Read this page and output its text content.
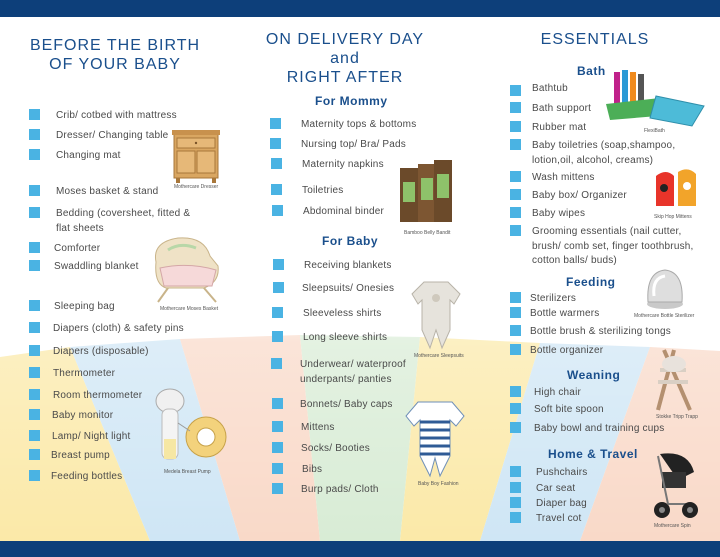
BEFORE THE BIRTH
OF YOUR BABY
Crib/ cotbed with mattress
Dresser/ Changing table
Changing mat
Moses basket & stand
Bedding (coversheet, fitted &
flat sheets
Comforter
Swaddling blanket
Sleeping bag
Diapers (cloth) & safety pins
Diapers (disposable)
Thermometer
Room thermometer
Baby monitor
Lamp/ Night light
Breast pump
Feeding bottles
ON DELIVERY DAY
and
RIGHT AFTER
For Mommy
For Baby
Maternity tops & bottoms
Nursing top/ Bra/ Pads
Maternity napkins
Toiletries
Abdominal binder
Receiving blankets
Sleepsuits/ Onesies
Sleeveless shirts
Long sleeve shirts
Underwear/ waterproof
underpants/ panties
Bonnets/ Baby caps
Mittens
Socks/ Booties
Bibs
Burp pads/ Cloth
ESSENTIALS
Bath
Feeding
Weaning
Home & Travel
Bathtub
Bath support
Rubber mat
Baby toiletries (soap,shampoo,
lotion,oil, alcohol, creams)
Wash mittens
Baby box/ Organizer
Baby wipes
Grooming essentials (nail cutter,
brush/ comb set, finger toothbrush,
cotton balls/ buds)
Sterilizers
Bottle warmers
Bottle brush & sterilizing tongs
Bottle organizer
High chair
Soft bite spoon
Baby bowl and training cups
Pushchairs
Car seat
Diaper bag
Travel cot
Mothercare Dresser
Mothercare Moses Basket
Medela Breast Pump
Bamboo Belly Bandit
Mothercare Sleepsuits
Baby Boy Fashion
FlexiBath
Skip Hop Mittens
Mothercare Bottle Sterilizer
Stokke Tripp Trapp
Mothercare Spin
